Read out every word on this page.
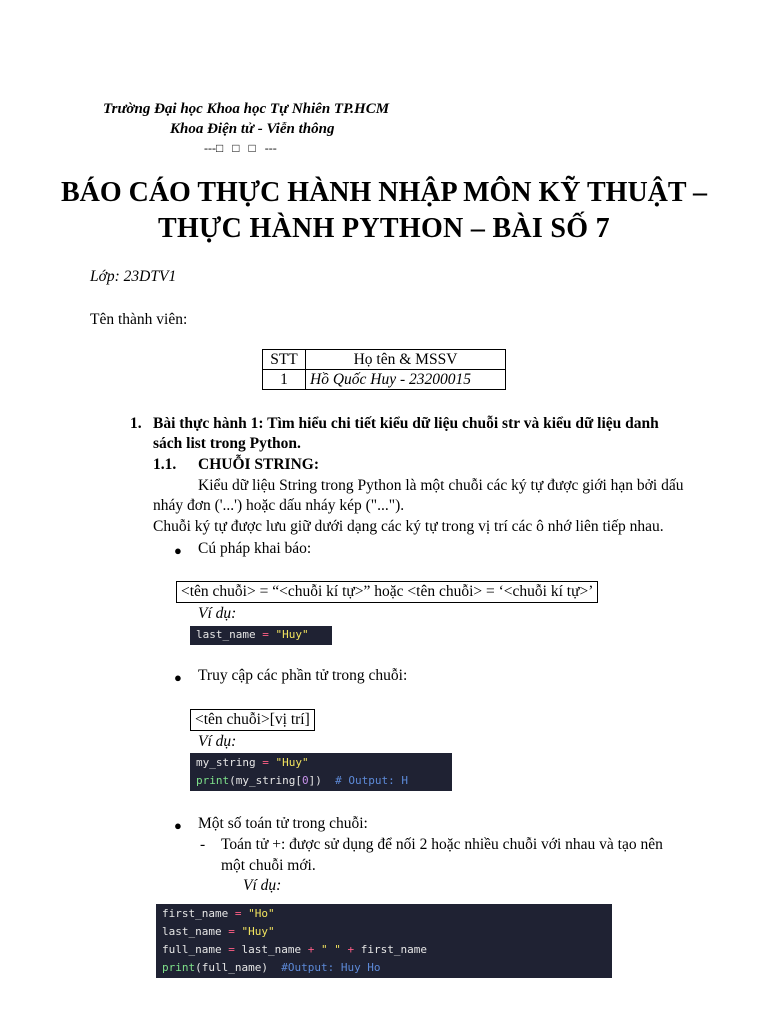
Trường Đại học Khoa học Tự Nhiên TP.HCM
Khoa Điện tử - Viễn thông
---□   □   □   ---
BÁO CÁO THỰC HÀNH NHẬP MÔN KỸ THUẬT –
THỰC HÀNH PYTHON – BÀI SỐ 7
Lớp: 23DTV1
Tên thành viên:
STT	Họ tên & MSSV
1	Hồ Quốc Huy - 23200015
1. Bài thực hành 1: Tìm hiểu chi tiết kiểu dữ liệu chuỗi str và kiểu dữ liệu danh
sách list trong Python.
1.1. CHUỖI STRING:
Kiểu dữ liệu String trong Python là một chuỗi các ký tự được giới hạn bởi dấu
nháy đơn ('...') hoặc dấu nháy kép ("...").
Chuỗi ký tự được lưu giữ dưới dạng các ký tự trong vị trí các ô nhớ liên tiếp nhau.
● Cú pháp khai báo:
<tên chuỗi> = “<chuỗi kí tự>” hoặc <tên chuỗi> = ‘<chuỗi kí tự>’
Ví dụ:
last_name = "Huy"
● Truy cập các phần tử trong chuỗi:
<tên chuỗi>[vị trí]
Ví dụ:
my_string = "Huy"
print(my_string[0])  # Output: H
● Một số toán tử trong chuỗi:
- Toán tử +: được sử dụng để nối 2 hoặc nhiều chuỗi với nhau và tạo nên
một chuỗi mới.
Ví dụ:
first_name = "Ho"
last_name = "Huy"
full_name = last_name + " " + first_name
print(full_name)  #Output: Huy Ho
